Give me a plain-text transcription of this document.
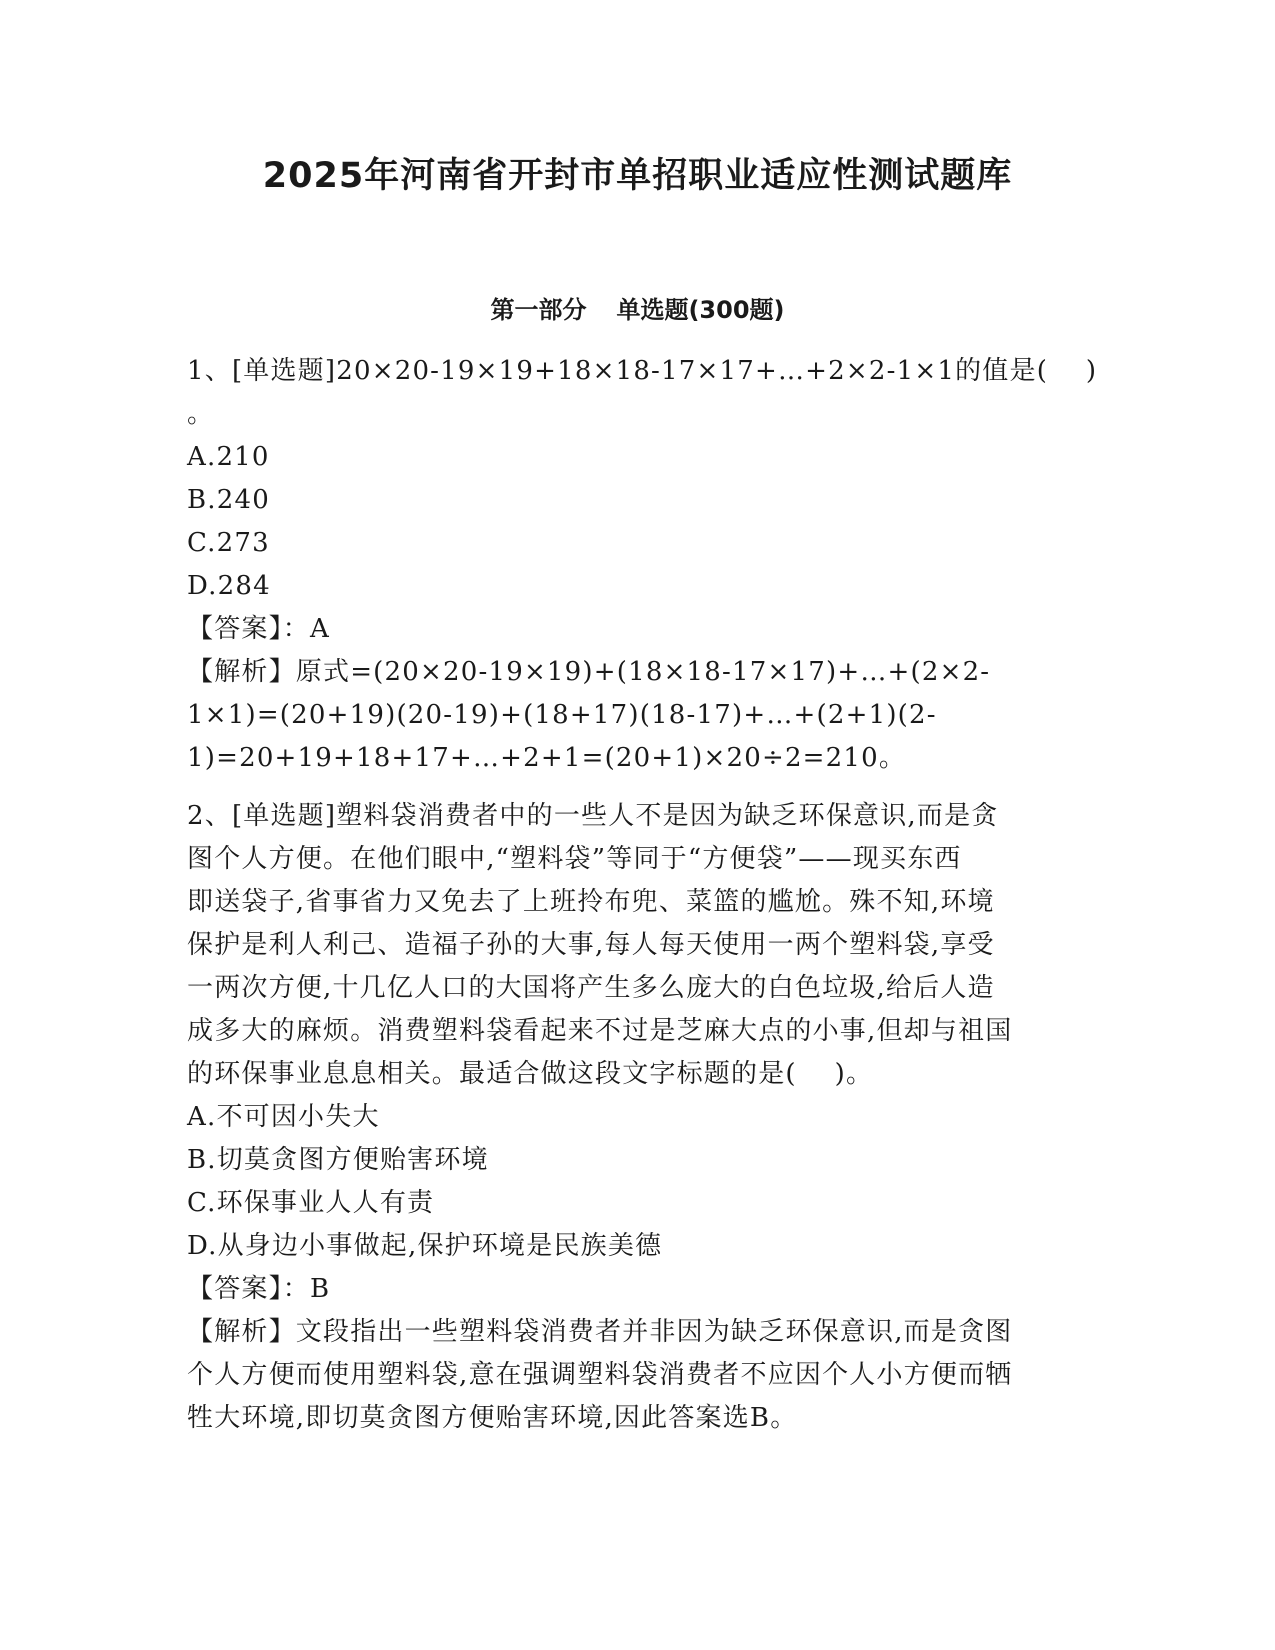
2025年河南省开封市单招职业适应性测试题库
第一部分 单选题(300题)
1、[单选题]20×20-19×19+18×18-17×17+…+2×2-1×1的值是(    )
。
A.210
B.240
C.273
D.284
【答案】：A
【解析】原式=(20×20-19×19)+(18×18-17×17)+…+(2×2-
1×1)=(20+19)(20-19)+(18+17)(18-17)+…+(2+1)(2-
1)=20+19+18+17+…+2+1=(20+1)×20÷2=210。
2、[单选题]塑料袋消费者中的一些人不是因为缺乏环保意识,而是贪
图个人方便。在他们眼中,“塑料袋”等同于“方便袋”——现买东西
即送袋子,省事省力又免去了上班拎布兜、菜篮的尴尬。殊不知,环境
保护是利人利己、造福子孙的大事,每人每天使用一两个塑料袋,享受
一两次方便,十几亿人口的大国将产生多么庞大的白色垃圾,给后人造
成多大的麻烦。消费塑料袋看起来不过是芝麻大点的小事,但却与祖国
的环保事业息息相关。最适合做这段文字标题的是(    )。
A.不可因小失大
B.切莫贪图方便贻害环境
C.环保事业人人有责
D.从身边小事做起,保护环境是民族美德
【答案】：B
【解析】文段指出一些塑料袋消费者并非因为缺乏环保意识,而是贪图
个人方便而使用塑料袋,意在强调塑料袋消费者不应因个人小方便而牺
牲大环境,即切莫贪图方便贻害环境,因此答案选B。
